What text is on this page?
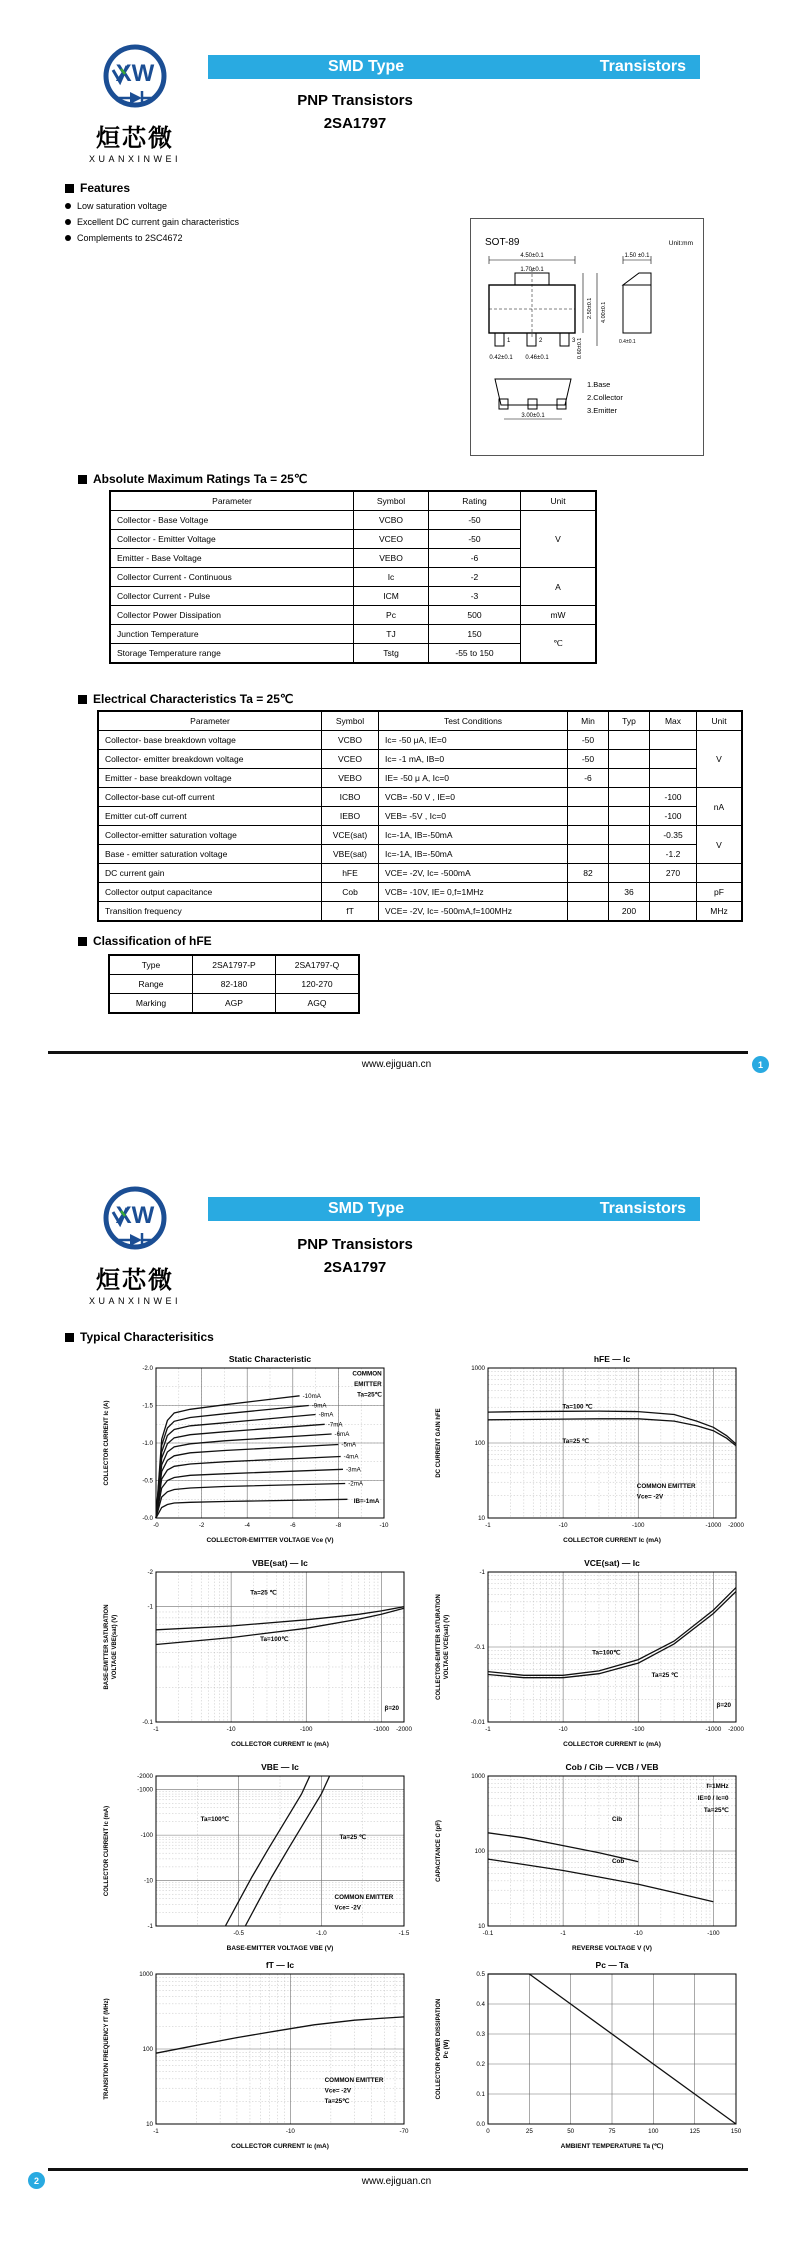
XW
烜芯微
XUANXINWEI
SMD Type	Transistors
PNP Transistors
2SA1797
Features
Low saturation voltage
Excellent DC current gain characteristics
Complements to 2SC4672	SOT-89	Unit:mm
4.50±0.1
1.70±0.1
1	2	3
0.42±0.1 0.46±0.1	0.60±0.1
2.50±0.1 4.00±0.1
1.50 ±0.1
0.4±0.1
3.00±0.1
1.Base
2.Collector
3.Emitter
Absolute Maximum Ratings Ta = 25℃
Parameter	Symbol	Rating	Unit
Collector - Base Voltage	VCBO	-50	V
Collector - Emitter Voltage	VCEO	-50	
Emitter - Base Voltage	VEBO	-6	
Collector Current - Continuous	Ic	-2	A
Collector Current - Pulse	ICM	-3	
Collector Power Dissipation	Pc	500	mW
Junction Temperature	TJ	150	℃
Storage Temperature range	Tstg	-55 to 150	
Electrical Characteristics Ta = 25℃
Parameter	Symbol	Test Conditions	Min	Typ	Max	Unit
Collector- base breakdown voltage	VCBO	Ic= -50 μA, IE=0	-50			V
Collector- emitter breakdown voltage	VCEO	Ic= -1 mA, IB=0	-50			
Emitter - base breakdown voltage	VEBO	IE= -50 μ A, Ic=0	-6			
Collector-base cut-off current	ICBO	VCB= -50 V , IE=0			-100	nA
Emitter cut-off current	IEBO	VEB= -5V , Ic=0			-100	
Collector-emitter saturation voltage	VCE(sat)	Ic=-1A, IB=-50mA			-0.35	V
Base - emitter saturation voltage	VBE(sat)	Ic=-1A, IB=-50mA			-1.2	
DC current gain	hFE	VCE= -2V, Ic= -500mA	82		270	
Collector output capacitance	Cob	VCB= -10V, IE= 0,f=1MHz		36		pF
Transition frequency	fT	VCE= -2V, Ic= -500mA,f=100MHz		200		MHz
Classification of hFE
Type	2SA1797-P	2SA1797-Q
Range	82-180	120-270
Marking	AGP	AGQ
www.ejiguan.cn	1
XW
烜芯微
XUANXINWEI
SMD Type	Transistors
PNP Transistors
2SA1797
Typical Characterisitics
-0	-2	-4	-6	-8	-10
-0.0
-0.5
-1.0
-1.5
-2.0
-10mA
-9mA
-8mA
-7mA
-6mA
-5mA
-4mA
-3mA
-2mA
COMMON
EMITTER
Ta=25℃
IB=-1mA
Static Characteristic
COLLECTOR-EMITTER VOLTAGE Vce (V)
COLLECTOR CURRENT Ic (A)
-1	-10	-100	-1000 -2000
10
100
1000
Ta=100 ℃
Ta=25 ℃
COMMON EMITTER
Vce= -2V
hFE — Ic
COLLECTOR CURRENT Ic (mA)
DC CURRENT GAIN hFE
-1	-10	-100	-1000 -2000
-0.1
-1
-2
Ta=25 ℃
Ta=100℃
β=20
VBE(sat) — Ic
COLLECTOR CURRENT Ic (mA)
BASE-EMITTER SATURATION VOLTAGE VBE(sat) (V)
-1	-10	-100	-1000 -2000
-0.01
-0.1
-1
Ta=100℃
Ta=25 ℃
β=20
VCE(sat) — Ic
COLLECTOR CURRENT Ic (mA)
COLLECTOR-EMITTER SATURATION VOLTAGE VCE(sat) (V)
-0.5	-1.0	-1.5
-1
-10
-100
-1000
-2000
Ta=100℃
Ta=25 ℃
COMMON EMITTER
Vce= -2V
VBE — Ic
BASE-EMITTER VOLTAGE VBE (V)
COLLECTOR CURRENT Ic (mA)
-0.1	-1	-10	-100
10
100
1000
f=1MHz
IE=0 / Ic=0
Ta=25℃
Cib
Cob
Cob / Cib — VCB / VEB
REVERSE VOLTAGE V (V)
CAPACITANCE C (pF)
-1	-10	-70
10
100
1000
COMMON EMITTER
Vce= -2V
Ta=25℃
fT — Ic
COLLECTOR CURRENT Ic (mA)
TRANSITION FREQUENCY fT (MHz)
0	25	50	75	100	125	150
0.0
0.1
0.2
0.3
0.4
0.5
Pc — Ta
AMBIENT TEMPERATURE Ta (℃)
COLLECTOR POWER DISSIPATION Pc (W)
www.ejiguan.cn
2
